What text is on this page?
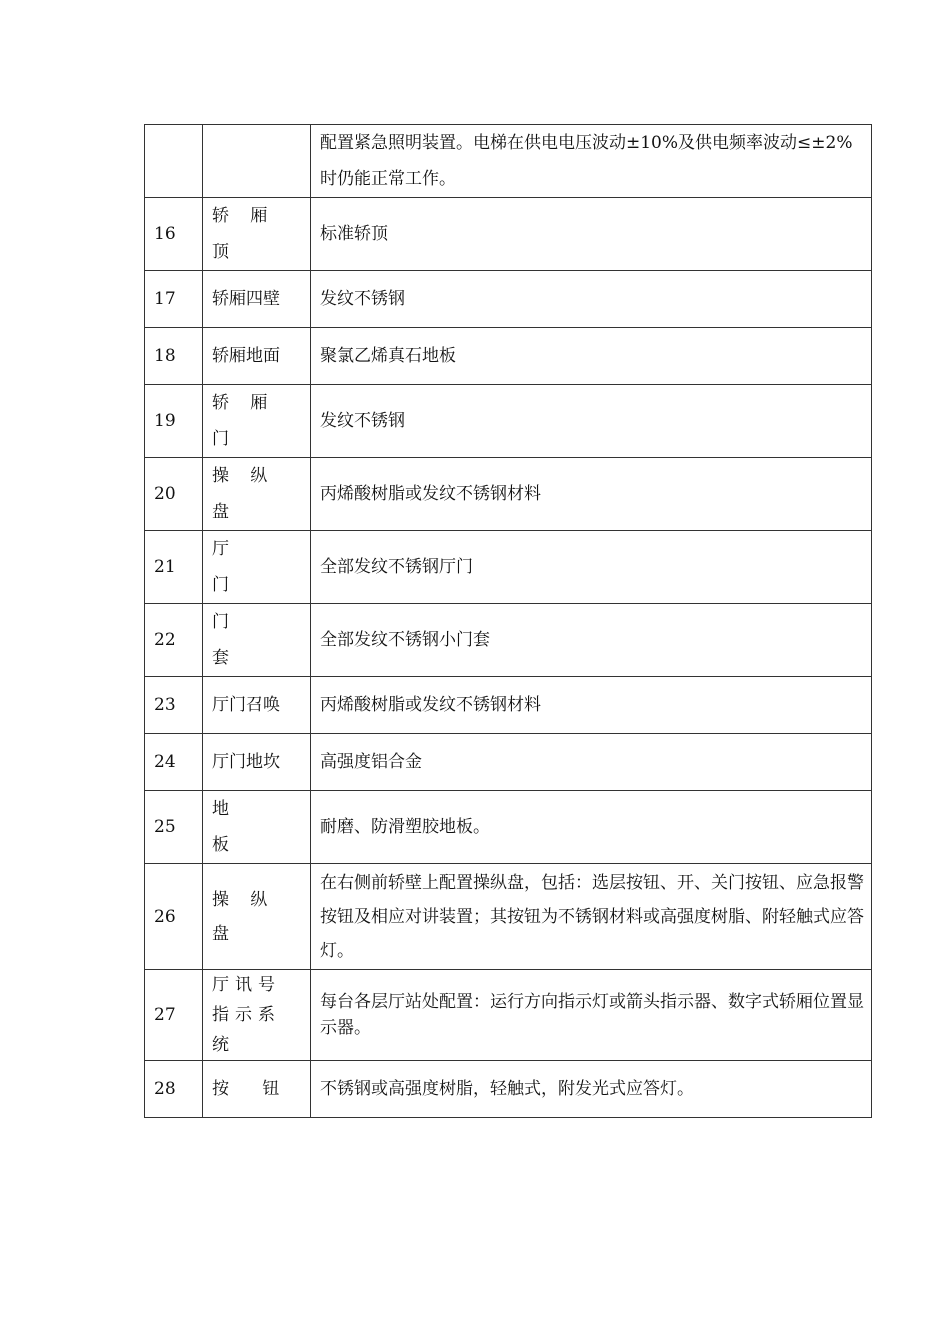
		配置紧急照明装置。电梯在供电电压波动±10%及供电频率波动≤±2%时仍能正常工作。
16	轿 厢 顶	标准轿顶
17	轿厢四壁	发纹不锈钢
18	轿厢地面	聚氯乙烯真石地板
19	轿 厢 门	发纹不锈钢
20	操 纵 盘	丙烯酸树脂或发纹不锈钢材料
21	厅 门	全部发纹不锈钢厅门
22	门 套	全部发纹不锈钢小门套
23	厅门召唤	丙烯酸树脂或发纹不锈钢材料
24	厅门地坎	高强度铝合金
25	地 板	耐磨、防滑塑胶地板。
26	操 纵 盘	在右侧前轿壁上配置操纵盘，包括：选层按钮、开、关门按钮、应急报警按钮及相应对讲装置；其按钮为不锈钢材料或高强度树脂、附轻触式应答灯。
27	厅讯号指示系统	每台各层厅站处配置：运行方向指示灯或箭头指示器、数字式轿厢位置显示器。
28	按 钮	不锈钢或高强度树脂，轻触式，附发光式应答灯。
